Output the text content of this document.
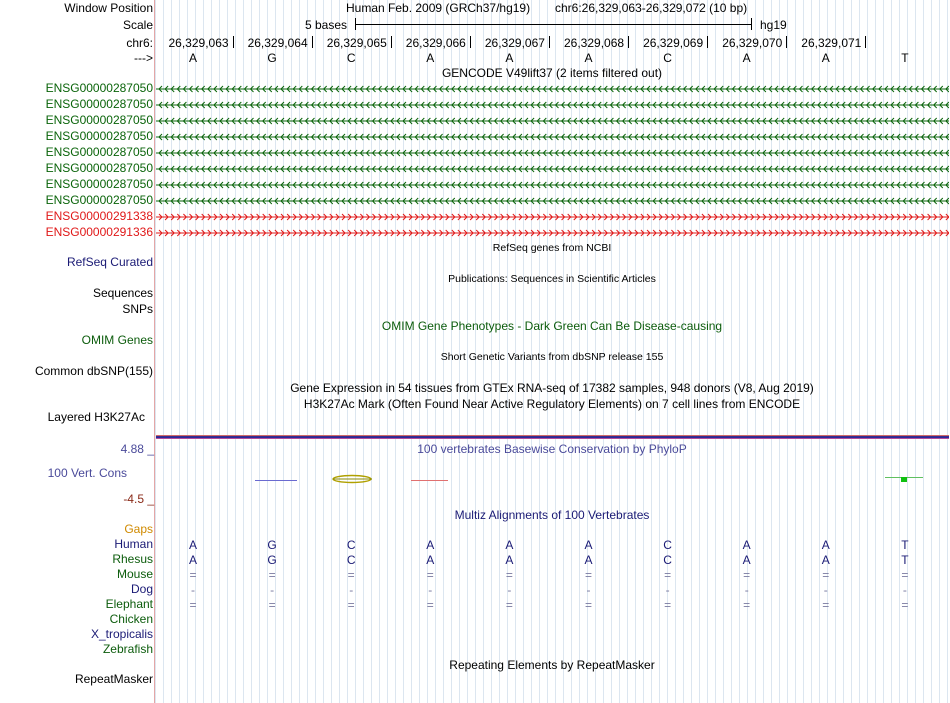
Window Position	Human Feb. 2009 (GRCh37/hg19) chr6:26,329,063-26,329,072 (10 bp)
Scale	5 bases	hg19
chr6:	26,329,063	26,329,064	26,329,065	26,329,066	26,329,067	26,329,068	26,329,069	26,329,070	26,329,071
--->	A	G	C	A	A	A	C	A	A	T
GENCODE V49lift37 (2 items filtered out)
ENSG00000287050
ENSG00000287050
ENSG00000287050
ENSG00000287050
ENSG00000287050
ENSG00000287050
ENSG00000287050
ENSG00000287050
ENSG00000291338
ENSG00000291336
RefSeq genes from NCBI
RefSeq Curated
Publications: Sequences in Scientific Articles
Sequences
SNPs
OMIM Gene Phenotypes - Dark Green Can Be Disease-causing
OMIM Genes
Short Genetic Variants from dbSNP release 155
Common dbSNP(155)
Gene Expression in 54 tissues from GTEx RNA-seq of 17382 samples, 948 donors (V8, Aug 2019)
H3K27Ac Mark (Often Found Near Active Regulatory Elements) on 7 cell lines from ENCODE
Layered H3K27Ac
100 vertebrates Basewise Conservation by PhyloP
4.88 _
100 Vert. Cons
-4.5 _
Multiz Alignments of 100 Vertebrates
Gaps
Human	A	G	C	A	A	A	C	A	A	T
Rhesus	A	G	C	A	A	A	C	A	A	T
Mouse	=	=	=	=	=	=	=	=	=	=
Dog	-	-	-	-	-	-	-	-	-	-
Elephant	=	=	=	=	=	=	=	=	=	=
Chicken
X_tropicalis
Zebrafish
Repeating Elements by RepeatMasker
RepeatMasker
